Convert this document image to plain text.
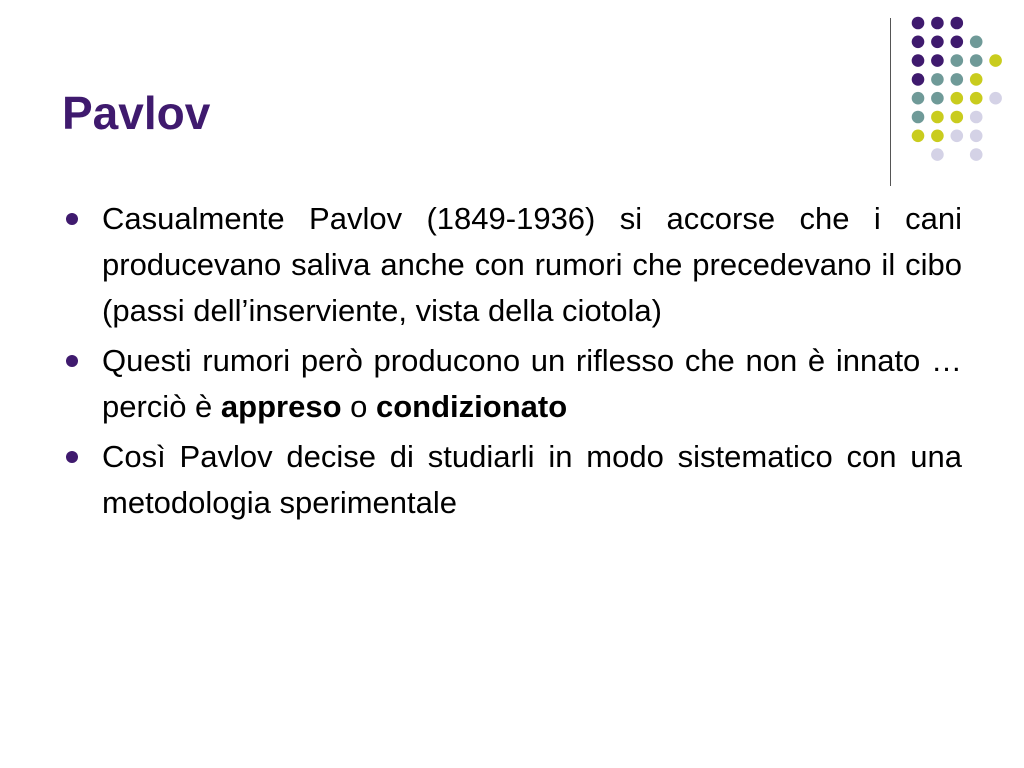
Pavlov
Casualmente Pavlov (1849-1936) si accorse che i cani producevano saliva anche con rumori che precedevano il cibo (passi dell’inserviente, vista della ciotola)
Questi rumori però producono un riflesso che non è innato … perciò è appreso o condizionato
Così Pavlov decise di studiarli in modo sistematico con una metodologia sperimentale
